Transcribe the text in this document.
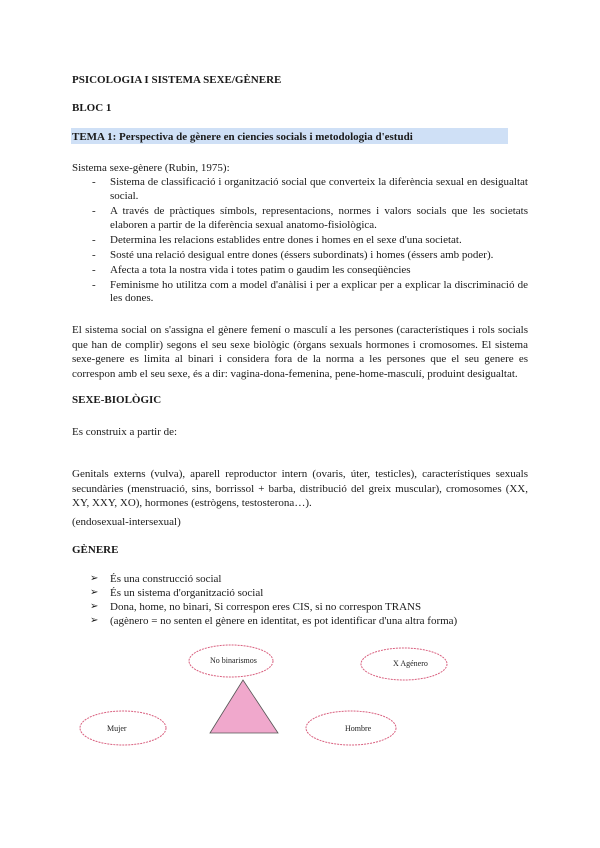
PSICOLOGIA I SISTEMA SEXE/GÈNERE
BLOC 1
TEMA 1: Perspectiva de gènere en ciencies socials i metodologia d'estudi
Sistema sexe-gènere (Rubin, 1975):
- Sistema de classificació i organització social que converteix la diferència sexual en desigualtat social.
- A través de pràctiques símbols, representacions, normes i valors socials que les societats elaboren a partir de la diferència sexual anatomo-fisiològica.
- Determina les relacions establides entre dones i homes en el sexe d'una societat.
- Sosté una relació desigual entre dones (éssers subordinats) i homes (éssers amb poder).
- Afecta a tota la nostra vida i totes patim o gaudim les conseqüències
- Feminisme ho utilitza com a model d'anàlisi i per a explicar per a explicar la discriminació de les dones.
El sistema social on s'assigna el gènere femení o masculí a les persones (característiques i rols socials que han de complir) segons el seu sexe biològic (òrgans sexuals hormones i cromosomes. El sistema sexe-genere es limita al binari i considera fora de la norma a les persones que el seu genere es correspon amb el seu sexe, és a dir: vagina-dona-femenina, pene-home-masculí, produint desigualtat.
SEXE-BIOLÒGIC
Es construix a partir de:
Genitals externs (vulva), aparell reproductor intern (ovaris, úter, testicles), característiques sexuals secundàries (menstruació, sins, borrissol + barba, distribució del greix muscular), cromosomes (XX, XY, XXY, XO), hormones (estrògens, testosterona…).
(endosexual-intersexual)
GÈNERE
➢ És una construcció social
➢ És un sistema d'organització social
➢ Dona, home, no binari, Si correspon eres CIS, si no correspon TRANS
➢ (agènero = no senten el gènere en identitat, es pot identificar d'una altra forma)
No binarismos	X Agénero
Mujer	Hombre
